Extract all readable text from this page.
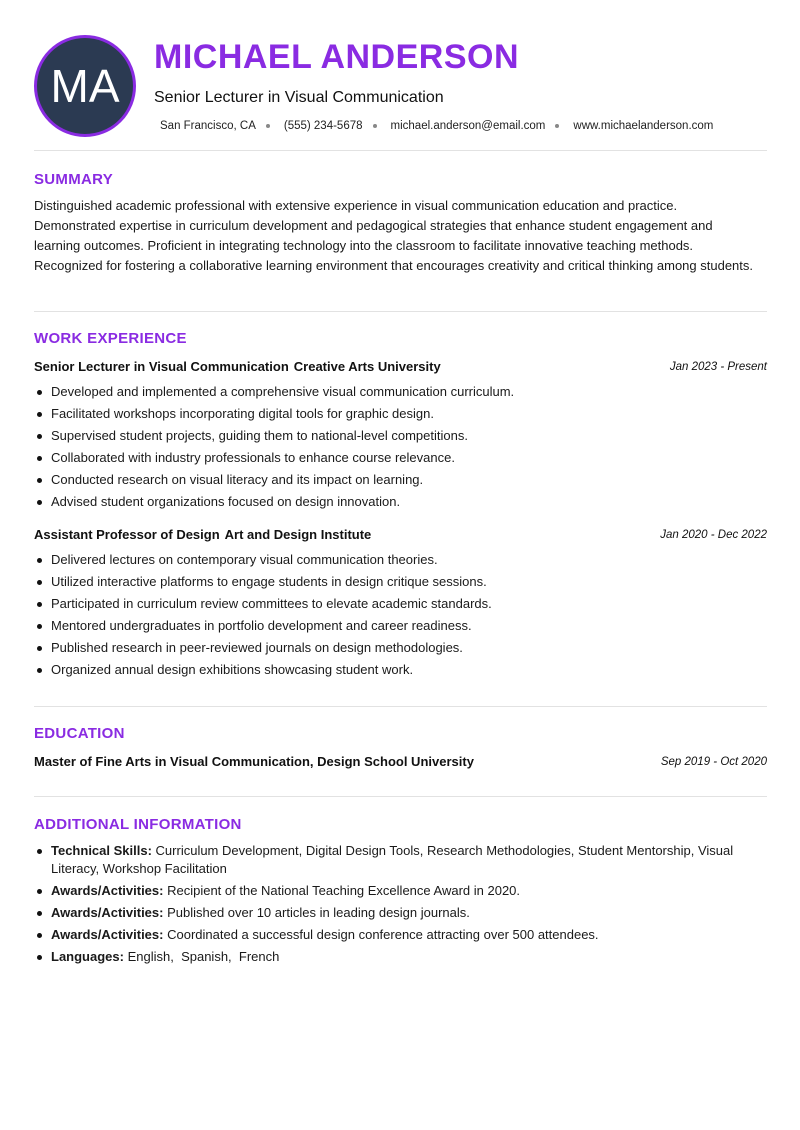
MA
MICHAEL ANDERSON
Senior Lecturer in Visual Communication
San Francisco, CA (555) 234-5678 michael.anderson@email.com www.michaelanderson.com
SUMMARY
Distinguished academic professional with extensive experience in visual communication education and practice. Demonstrated expertise in curriculum development and pedagogical strategies that enhance student engagement and learning outcomes. Proficient in integrating technology into the classroom to facilitate innovative teaching methods. Recognized for fostering a collaborative learning environment that encourages creativity and critical thinking among students.
WORK EXPERIENCE
Senior Lecturer in Visual Communication Creative Arts University	Jan 2023 - Present
Developed and implemented a comprehensive visual communication curriculum.
Facilitated workshops incorporating digital tools for graphic design.
Supervised student projects, guiding them to national-level competitions.
Collaborated with industry professionals to enhance course relevance.
Conducted research on visual literacy and its impact on learning.
Advised student organizations focused on design innovation.
Assistant Professor of Design Art and Design Institute	Jan 2020 - Dec 2022
Delivered lectures on contemporary visual communication theories.
Utilized interactive platforms to engage students in design critique sessions.
Participated in curriculum review committees to elevate academic standards.
Mentored undergraduates in portfolio development and career readiness.
Published research in peer-reviewed journals on design methodologies.
Organized annual design exhibitions showcasing student work.
EDUCATION
Master of Fine Arts in Visual Communication, Design School University	Sep 2019 - Oct 2020
ADDITIONAL INFORMATION
Technical Skills: Curriculum Development, Digital Design Tools, Research Methodologies, Student Mentorship, Visual Literacy, Workshop Facilitation
Awards/Activities: Recipient of the National Teaching Excellence Award in 2020.
Awards/Activities: Published over 10 articles in leading design journals.
Awards/Activities: Coordinated a successful design conference attracting over 500 attendees.
Languages: English,  Spanish,  French
